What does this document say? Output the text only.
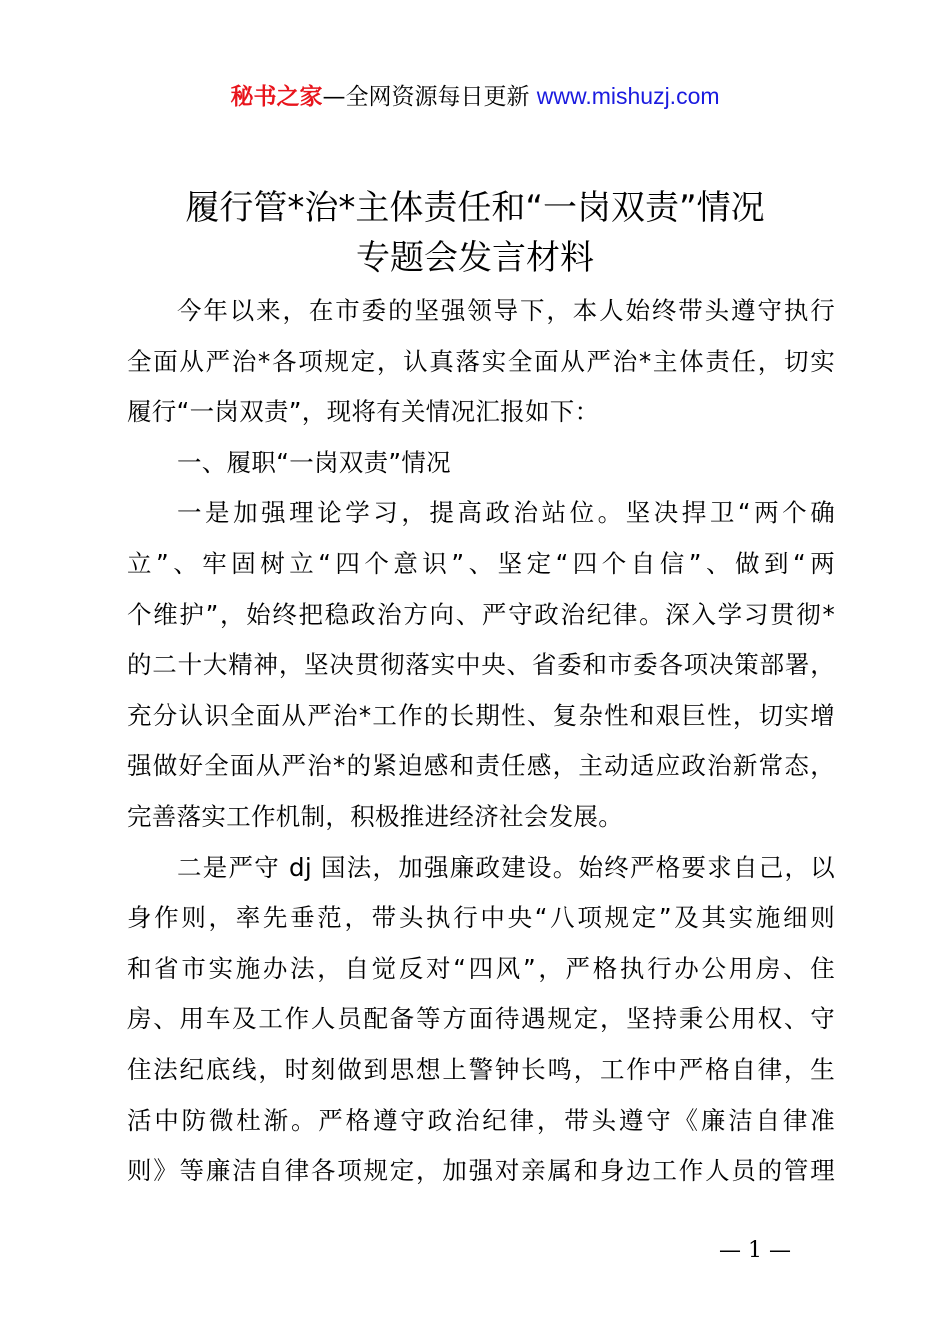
秘书之家—全网资源每日更新 www.mishuzj.com
履行管*治*主体责任和“一岗双责”情况
专题会发言材料
今年以来，在市委的坚强领导下，本人始终带头遵守执行
全面从严治*各项规定，认真落实全面从严治*主体责任，切实
履行“一岗双责”，现将有关情况汇报如下：
一、履职“一岗双责”情况
一是加强理论学习，提高政治站位。坚决捍卫“两个确
立”、牢固树立“四个意识”、坚定“四个自信”、做到“两
个维护”，始终把稳政治方向、严守政治纪律。深入学习贯彻*
的二十大精神，坚决贯彻落实中央、省委和市委各项决策部署，
充分认识全面从严治*工作的长期性、复杂性和艰巨性，切实增
强做好全面从严治*的紧迫感和责任感，主动适应政治新常态，
完善落实工作机制，积极推进经济社会发展。
二是严守 dj 国法，加强廉政建设。始终严格要求自己，以
身作则，率先垂范，带头执行中央“八项规定”及其实施细则
和省市实施办法，自觉反对“四风”，严格执行办公用房、住
房、用车及工作人员配备等方面待遇规定，坚持秉公用权、守
住法纪底线，时刻做到思想上警钟长鸣，工作中严格自律，生
活中防微杜渐。严格遵守政治纪律，带头遵守《廉洁自律准
则》等廉洁自律各项规定，加强对亲属和身边工作人员的管理
— 1 —
